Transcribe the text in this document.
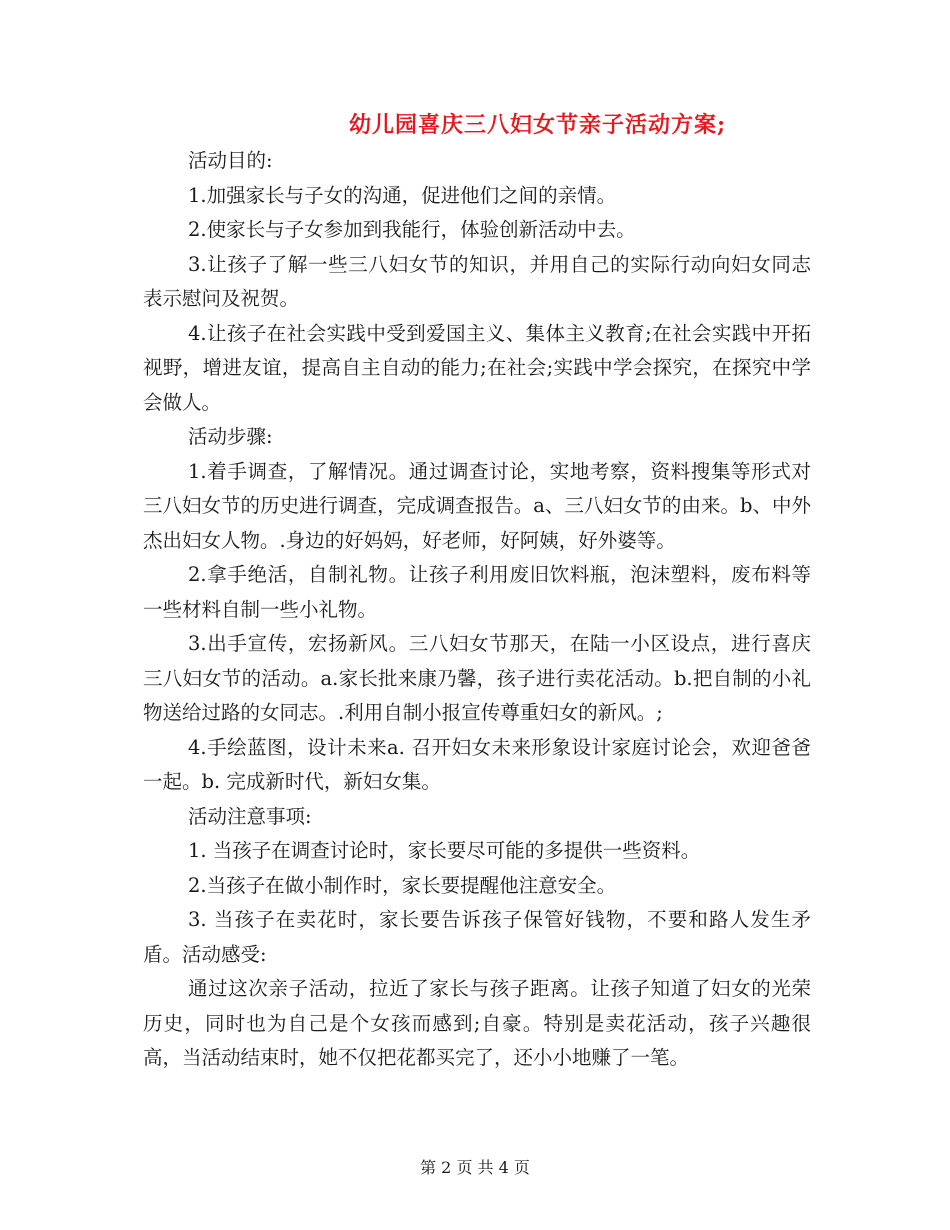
幼儿园喜庆三八妇女节亲子活动方案;

活动目的:

1.加强家长与子女的沟通，促进他们之间的亲情。

2.使家长与子女参加到我能行，体验创新活动中去。

3.让孩子了解一些三八妇女节的知识，并用自己的实际行动向妇女同志表示慰问及祝贺。

4.让孩子在社会实践中受到爱国主义、集体主义教育;在社会实践中开拓视野，增进友谊，提高自主自动的能力;在社会;实践中学会探究，在探究中学会做人。

活动步骤:

1.着手调查，了解情况。通过调查讨论，实地考察，资料搜集等形式对三八妇女节的历史进行调查，完成调查报告。a、三八妇女节的由来。b、中外杰出妇女人物。.身边的好妈妈，好老师，好阿姨，好外婆等。

2.拿手绝活，自制礼物。让孩子利用废旧饮料瓶，泡沫塑料，废布料等一些材料自制一些小礼物。

3.出手宣传，宏扬新风。三八妇女节那天，在陆一小区设点，进行喜庆三八妇女节的活动。a.家长批来康乃馨，孩子进行卖花活动。b.把自制的小礼物送给过路的女同志。.利用自制小报宣传尊重妇女的新风。;

4.手绘蓝图，设计未来a. 召开妇女未来形象设计家庭讨论会，欢迎爸爸一起。b. 完成新时代，新妇女集。

活动注意事项:

1. 当孩子在调查讨论时，家长要尽可能的多提供一些资料。

2.当孩子在做小制作时，家长要提醒他注意安全。

3. 当孩子在卖花时，家长要告诉孩子保管好钱物，不要和路人发生矛盾。活动感受:

通过这次亲子活动，拉近了家长与孩子距离。让孩子知道了妇女的光荣历史，同时也为自己是个女孩而感到;自豪。特别是卖花活动，孩子兴趣很高，当活动结束时，她不仅把花都买完了，还小小地赚了一笔。

第 2 页 共 4 页
